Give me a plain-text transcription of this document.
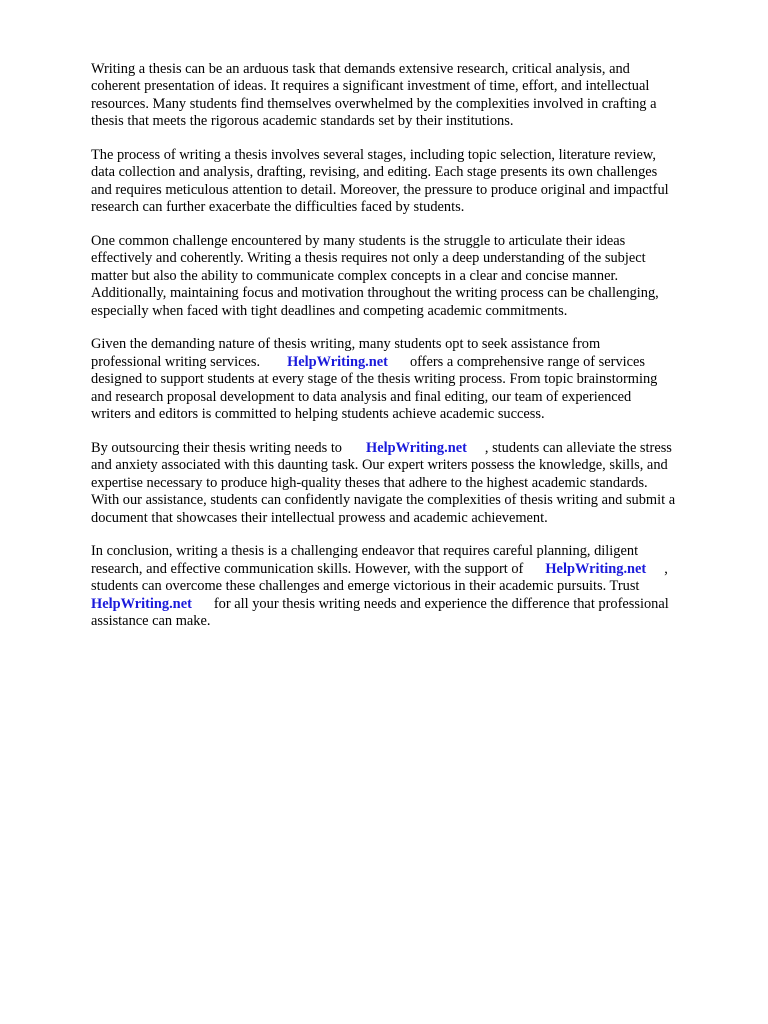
Writing a thesis can be an arduous task that demands extensive research, critical analysis, and
coherent presentation of ideas. It requires a significant investment of time, effort, and intellectual
resources. Many students find themselves overwhelmed by the complexities involved in crafting a
thesis that meets the rigorous academic standards set by their institutions.

The process of writing a thesis involves several stages, including topic selection, literature review,
data collection and analysis, drafting, revising, and editing. Each stage presents its own challenges
and requires meticulous attention to detail. Moreover, the pressure to produce original and impactful
research can further exacerbate the difficulties faced by students.

One common challenge encountered by many students is the struggle to articulate their ideas
effectively and coherently. Writing a thesis requires not only a deep understanding of the subject
matter but also the ability to communicate complex concepts in a clear and concise manner.
Additionally, maintaining focus and motivation throughout the writing process can be challenging,
especially when faced with tight deadlines and competing academic commitments.

Given the demanding nature of thesis writing, many students opt to seek assistance from
professional writing services. HelpWriting.net offers a comprehensive range of services
designed to support students at every stage of the thesis writing process. From topic brainstorming
and research proposal development to data analysis and final editing, our team of experienced
writers and editors is committed to helping students achieve academic success.

By outsourcing their thesis writing needs to HelpWriting.net , students can alleviate the stress
and anxiety associated with this daunting task. Our expert writers possess the knowledge, skills, and
expertise necessary to produce high-quality theses that adhere to the highest academic standards.
With our assistance, students can confidently navigate the complexities of thesis writing and submit a
document that showcases their intellectual prowess and academic achievement.

In conclusion, writing a thesis is a challenging endeavor that requires careful planning, diligent
research, and effective communication skills. However, with the support of HelpWriting.net ,
students can overcome these challenges and emerge victorious in their academic pursuits. Trust
HelpWriting.net for all your thesis writing needs and experience the difference that professional
assistance can make.
